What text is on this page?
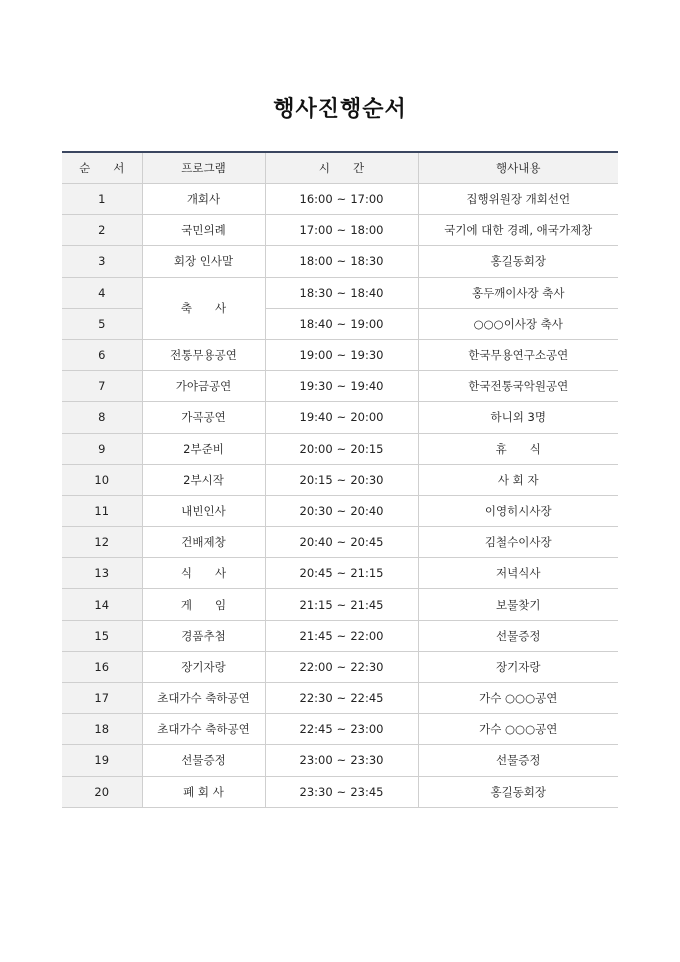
행사진행순서
순　　서	프로그램	시　　간	행사내용
1	개회사	16:00 ~ 17:00	집행위원장 개회선언
2	국민의례	17:00 ~ 18:00	국기에 대한 경례, 애국가제창
3	회장 인사말	18:00 ~ 18:30	홍길동회장
4	축　　사	18:30 ~ 18:40	홍두깨이사장 축사
5		18:40 ~ 19:00	○○○이사장 축사
6	전통무용공연	19:00 ~ 19:30	한국무용연구소공연
7	가야금공연	19:30 ~ 19:40	한국전통국악원공연
8	가곡공연	19:40 ~ 20:00	하니외 3명
9	2부준비	20:00 ~ 20:15	휴　　식
10	2부시작	20:15 ~ 20:30	사 회 자
11	내빈인사	20:30 ~ 20:40	이영히시사장
12	건배제창	20:40 ~ 20:45	김철수이사장
13	식　　사	20:45 ~ 21:15	저녁식사
14	게　　임	21:15 ~ 21:45	보물찾기
15	경품추첨	21:45 ~ 22:00	선물증정
16	장기자랑	22:00 ~ 22:30	장기자랑
17	초대가수 축하공연	22:30 ~ 22:45	가수 ○○○공연
18	초대가수 축하공연	22:45 ~ 23:00	가수 ○○○공연
19	선물증정	23:00 ~ 23:30	선물증정
20	폐 회 사	23:30 ~ 23:45	홍길동회장
